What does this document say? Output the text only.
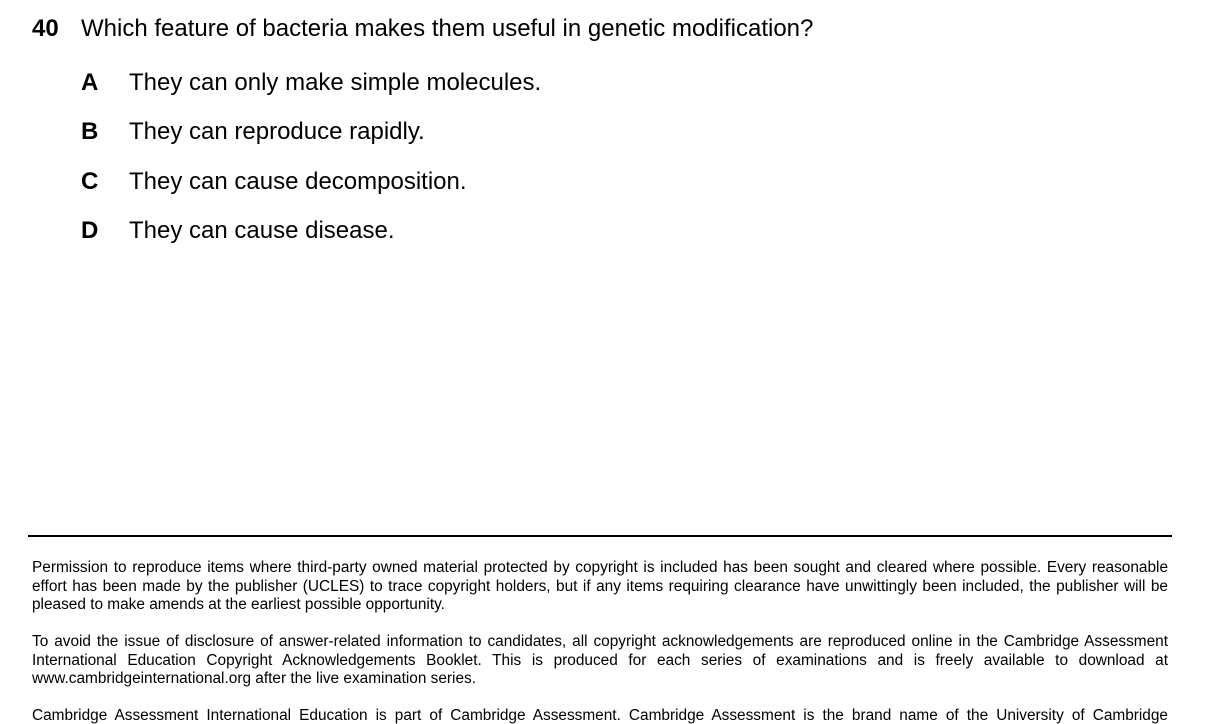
40 Which feature of bacteria makes them useful in genetic modification?
A They can only make simple molecules.
B They can reproduce rapidly.
C They can cause decomposition.
D They can cause disease.

Permission to reproduce items where third-party owned material protected by copyright is included has been sought and cleared where possible. Every reasonable effort has been made by the publisher (UCLES) to trace copyright holders, but if any items requiring clearance have unwittingly been included, the publisher will be pleased to make amends at the earliest possible opportunity.

To avoid the issue of disclosure of answer-related information to candidates, all copyright acknowledgements are reproduced online in the Cambridge Assessment International Education Copyright Acknowledgements Booklet. This is produced for each series of examinations and is freely available to download at www.cambridgeinternational.org after the live examination series.

Cambridge Assessment International Education is part of Cambridge Assessment. Cambridge Assessment is the brand name of the University of Cambridge
